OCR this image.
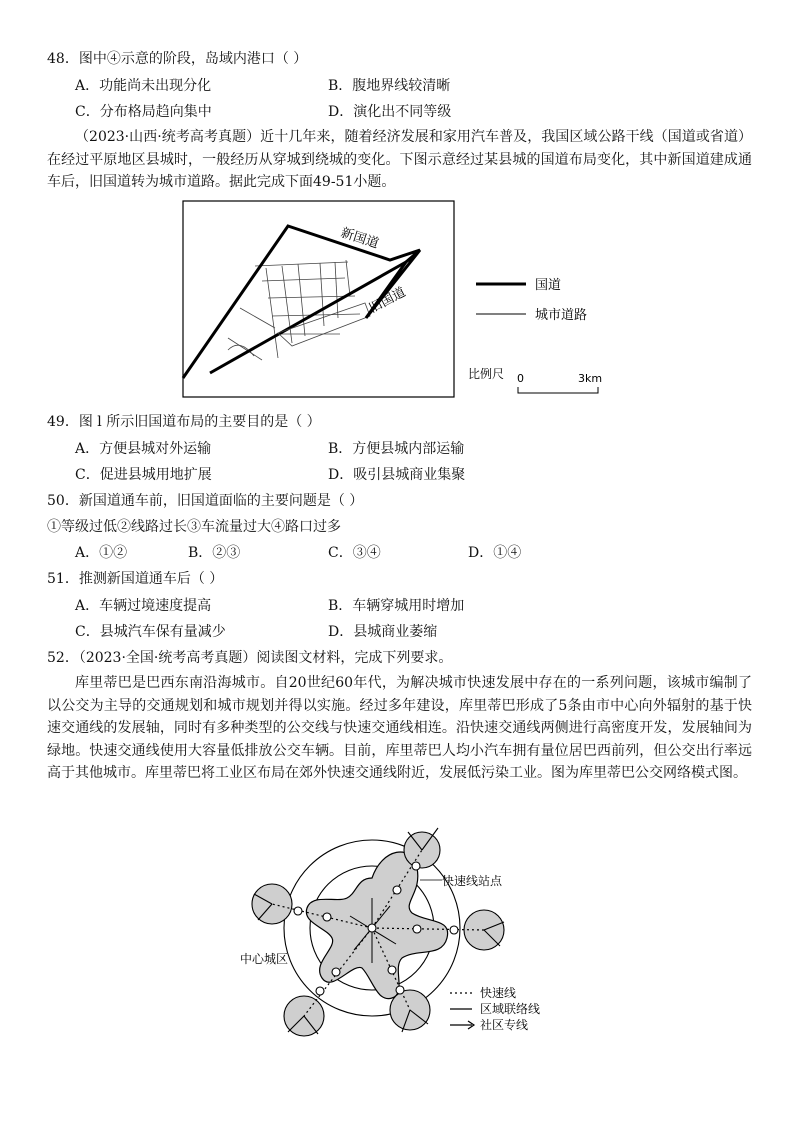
48．图中④示意的阶段，岛域内港口（ ）
A．功能尚未出现分化	B．腹地界线较清晰
C．分布格局趋向集中	D．演化出不同等级
（2023·山西·统考高考真题）近十几年来，随着经济发展和家用汽车普及，我国区域公路干线（国道或省道）在经过平原地区县城时，一般经历从穿城到绕城的变化。下图示意经过某县城的国道布局变化，其中新国道建成通车后，旧国道转为城市道路。据此完成下面49-51小题。
新国道
旧国道	国道
城市道路
比例尺 0	3km
49．图 l 所示旧国道布局的主要目的是（ ）
A．方便县城对外运输	B．方便县城内部运输
C．促进县城用地扩展	D．吸引县城商业集聚
50．新国道通车前，旧国道面临的主要问题是（ ）
①等级过低②线路过长③车流量过大④路口过多
A．①②	B．②③	C．③④	D．①④
51．推测新国道通车后（ ）
A．车辆过境速度提高	B．车辆穿城用时增加
C．县城汽车保有量减少	D．县城商业萎缩
52．（2023·全国·统考高考真题）阅读图文材料，完成下列要求。
库里蒂巴是巴西东南沿海城市。自20世纪60年代，为解决城市快速发展中存在的一系列问题，该城市编制了以公交为主导的交通规划和城市规划并得以实施。经过多年建设，库里蒂巴形成了5条由市中心向外辐射的基于快速交通线的发展轴，同时有多种类型的公交线与快速交通线相连。沿快速交通线两侧进行高密度开发，发展轴间为绿地。快速交通线使用大容量低排放公交车辆。目前，库里蒂巴人均小汽车拥有量位居巴西前列，但公交出行率远高于其他城市。库里蒂巴将工业区布局在郊外快速交通线附近，发展低污染工业。图为库里蒂巴公交网络模式图。
快速线站点
中心城区
快速线
区域联络线
社区专线
